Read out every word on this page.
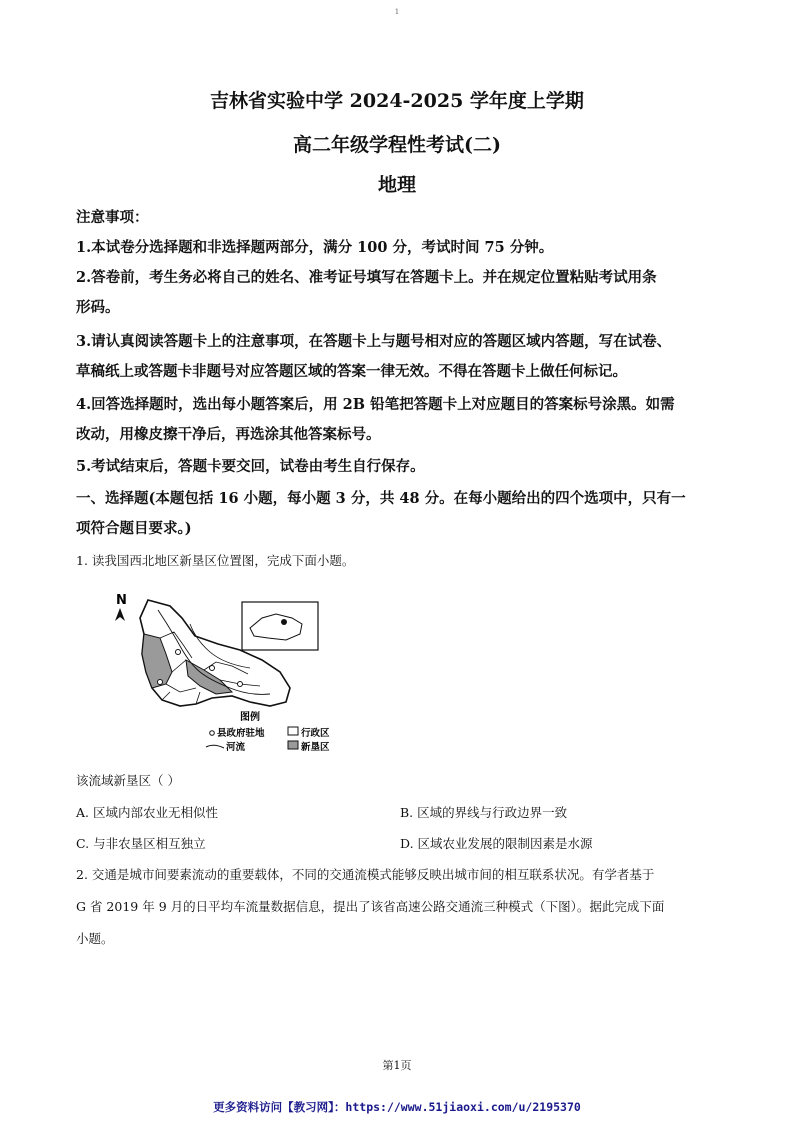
1
吉林省实验中学 2024-2025 学年度上学期
高二年级学程性考试(二)
地理
注意事项：
1.本试卷分选择题和非选择题两部分，满分 100 分，考试时间 75 分钟。
2.答卷前，考生务必将自己的姓名、准考证号填写在答题卡上。并在规定位置粘贴考试用条
形码。
3.请认真阅读答题卡上的注意事项，在答题卡上与题号相对应的答题区域内答题，写在试卷、
草稿纸上或答题卡非题号对应答题区域的答案一律无效。不得在答题卡上做任何标记。
4.回答选择题时，选出每小题答案后，用 2B 铅笔把答题卡上对应题目的答案标号涂黑。如需
改动，用橡皮擦干净后，再选涂其他答案标号。
5.考试结束后，答题卡要交回，试卷由考生自行保存。
一、选择题(本题包括 16 小题，每小题 3 分，共 48 分。在每小题给出的四个选项中，只有一
项符合题目要求。)
1. 读我国西北地区新垦区位置图，完成下面小题。
N
图例
县政府驻地
河流
行政区
新垦区
该流域新垦区（ ）
A. 区域内部农业无相似性	B. 区域的界线与行政边界一致
C. 与非农垦区相互独立	D. 区域农业发展的限制因素是水源
2. 交通是城市间要素流动的重要载体，不同的交通流模式能够反映出城市间的相互联系状况。有学者基于
G 省 2019 年 9 月的日平均车流量数据信息，提出了该省高速公路交通流三种模式（下图）。据此完成下面
小题。
第1页
更多资料访问【教习网】：https://www.51jiaoxi.com/u/2195370
